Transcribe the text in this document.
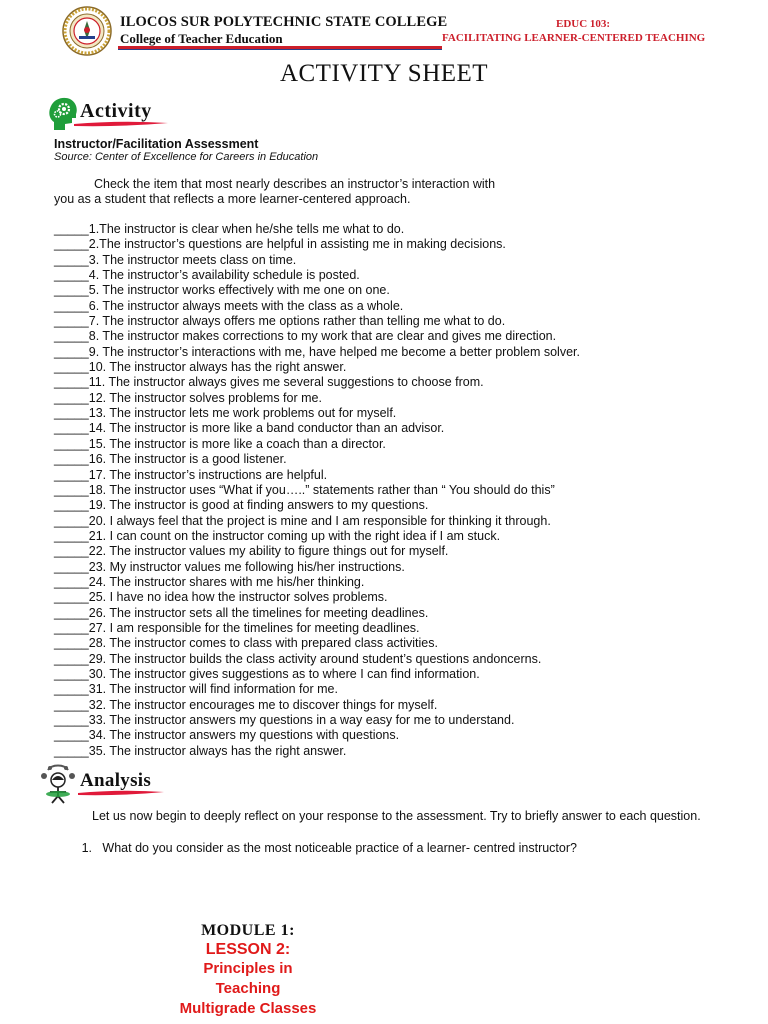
ILOCOS SUR POLYTECHNIC STATE COLLEGE
College of Teacher Education
EDUC 103:
FACILITATING LEARNER-CENTERED TEACHING
ACTIVITY SHEET
Activity
Instructor/Facilitation Assessment
Source: Center of Excellence for Careers in Education
Check the item that most nearly describes an instructor’s interaction with
you as a student that reflects a more learner-centered approach.
_____1.The instructor is clear when he/she tells me what to do.
_____2.The instructor’s questions are helpful in assisting me in making decisions.
_____3. The instructor meets class on time.
_____4. The instructor’s availability schedule is posted.
_____5. The instructor works effectively with me one on one.
_____6. The instructor always meets with the class as a whole.
_____7. The instructor always offers me options rather than telling me what to do.
_____8. The instructor makes corrections to my work that are clear and gives me direction.
_____9. The instructor’s interactions with me, have helped me become a better problem solver.
_____10. The instructor always has the right answer.
_____11. The instructor always gives me several suggestions to choose from.
_____12. The instructor solves problems for me.
_____13. The instructor lets me work problems out for myself.
_____14. The instructor is more like a band conductor than an advisor.
_____15. The instructor is more like a coach than a director.
_____16. The instructor is a good listener.
_____17. The instructor’s instructions are helpful.
_____18. The instructor uses “What if you…..” statements rather than “ You should do this”
_____19. The instructor is good at finding answers to my questions.
_____20. I always feel that the project is mine and I am responsible for thinking it through.
_____21. I can count on the instructor coming up with the right idea if I am stuck.
_____22. The instructor values my ability to figure things out for myself.
_____23. My instructor values me following his/her instructions.
_____24. The instructor shares with me his/her thinking.
_____25. I have no idea how the instructor solves problems.
_____26. The instructor sets all the timelines for meeting deadlines.
_____27. I am responsible for the timelines for meeting deadlines.
_____28. The instructor comes to class with prepared class activities.
_____29. The instructor builds the class activity around student’s questions andoncerns.
_____30. The instructor gives suggestions as to where I can find information.
_____31. The instructor will find information for me.
_____32. The instructor encourages me to discover things for myself.
_____33. The instructor answers my questions in a way easy for me to understand.
_____34. The instructor answers my questions with questions.
_____35. The instructor always has the right answer.
Analysis
Let us now begin to deeply reflect on your response to the assessment. Try to briefly answer to each question.
1. What do you consider as the most noticeable practice of a learner- centred instructor?
MODULE 1:
LESSON 2:
Principles in
Teaching
Multigrade Classes
